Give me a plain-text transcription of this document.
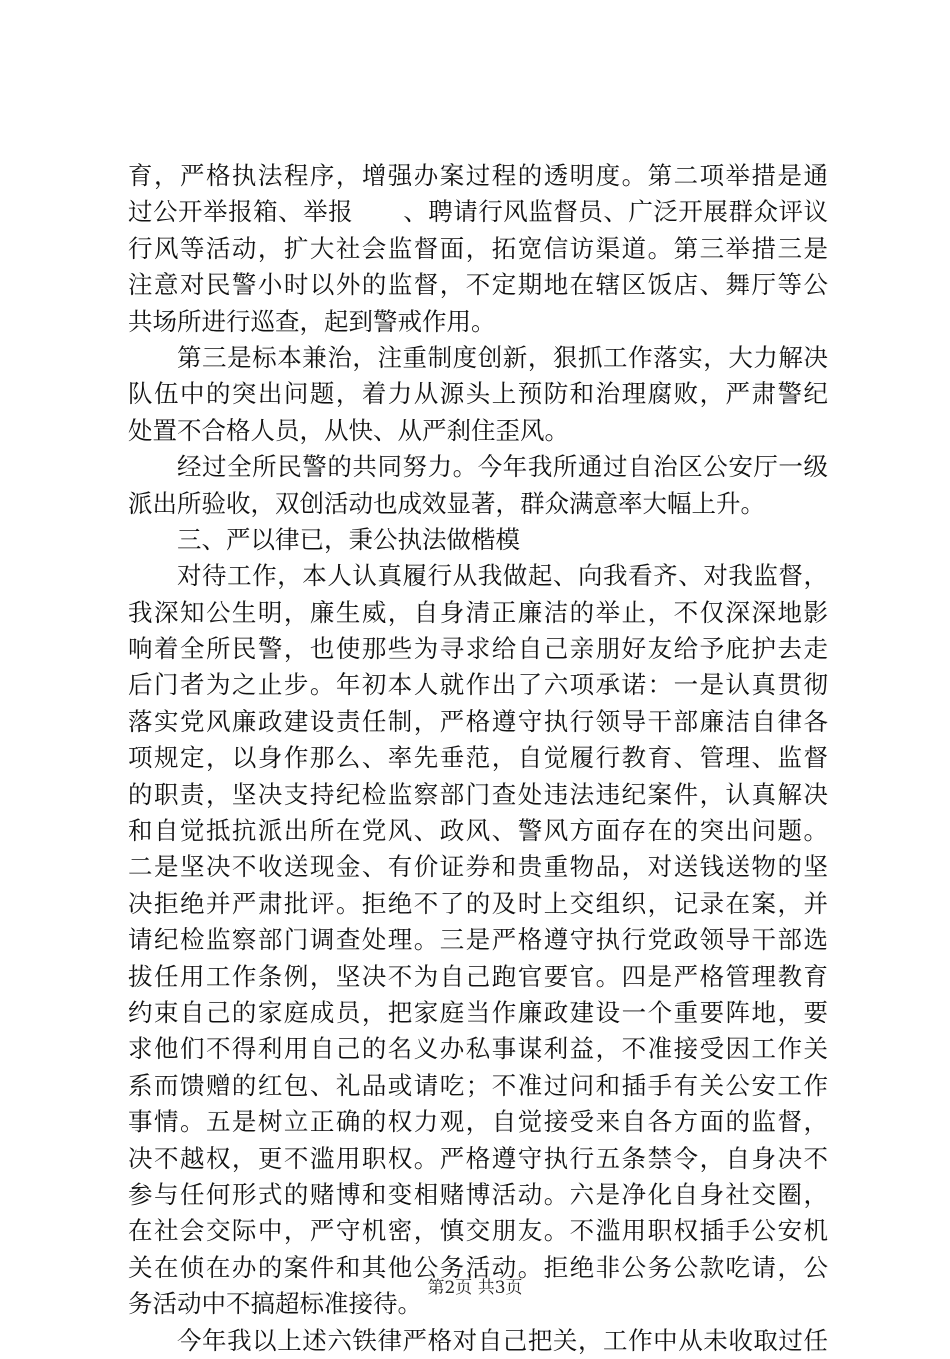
育，严格执法程序，增强办案过程的透明度。第二项举措是通
过公开举报箱、举报　　、聘请行风监督员、广泛开展群众评议
行风等活动，扩大社会监督面，拓宽信访渠道。第三举措三是
注意对民警小时以外的监督，不定期地在辖区饭店、舞厅等公
共场所进行巡查，起到警戒作用。
第三是标本兼治，注重制度创新，狠抓工作落实，大力解决
队伍中的突出问题，着力从源头上预防和治理腐败，严肃警纪
处置不合格人员，从快、从严刹住歪风。
经过全所民警的共同努力。今年我所通过自治区公安厅一级
派出所验收，双创活动也成效显著，群众满意率大幅上升。
三、严以律已，秉公执法做楷模
对待工作，本人认真履行从我做起、向我看齐、对我监督，
我深知公生明，廉生威，自身清正廉洁的举止，不仅深深地影
响着全所民警，也使那些为寻求给自己亲朋好友给予庇护去走
后门者为之止步。年初本人就作出了六项承诺：一是认真贯彻
落实党风廉政建设责任制，严格遵守执行领导干部廉洁自律各
项规定，以身作那么、率先垂范，自觉履行教育、管理、监督
的职责，坚决支持纪检监察部门查处违法违纪案件，认真解决
和自觉抵抗派出所在党风、政风、警风方面存在的突出问题。
二是坚决不收送现金、有价证券和贵重物品，对送钱送物的坚
决拒绝并严肃批评。拒绝不了的及时上交组织，记录在案，并
请纪检监察部门调查处理。三是严格遵守执行党政领导干部选
拔任用工作条例，坚决不为自己跑官要官。四是严格管理教育
约束自己的家庭成员，把家庭当作廉政建设一个重要阵地，要
求他们不得利用自己的名义办私事谋利益，不准接受因工作关
系而馈赠的红包、礼品或请吃；不准过问和插手有关公安工作
事情。五是树立正确的权力观，自觉接受来自各方面的监督，
决不越权，更不滥用职权。严格遵守执行五条禁令，自身决不
参与任何形式的赌博和变相赌博活动。六是净化自身社交圈，
在社会交际中，严守机密，慎交朋友。不滥用职权插手公安机
关在侦在办的案件和其他公务活动。拒绝非公务公款吃请，公
务活动中不搞超标准接待。
今年我以上述六铁律严格对自己把关，工作中从未收取过任
第2页 共3页
